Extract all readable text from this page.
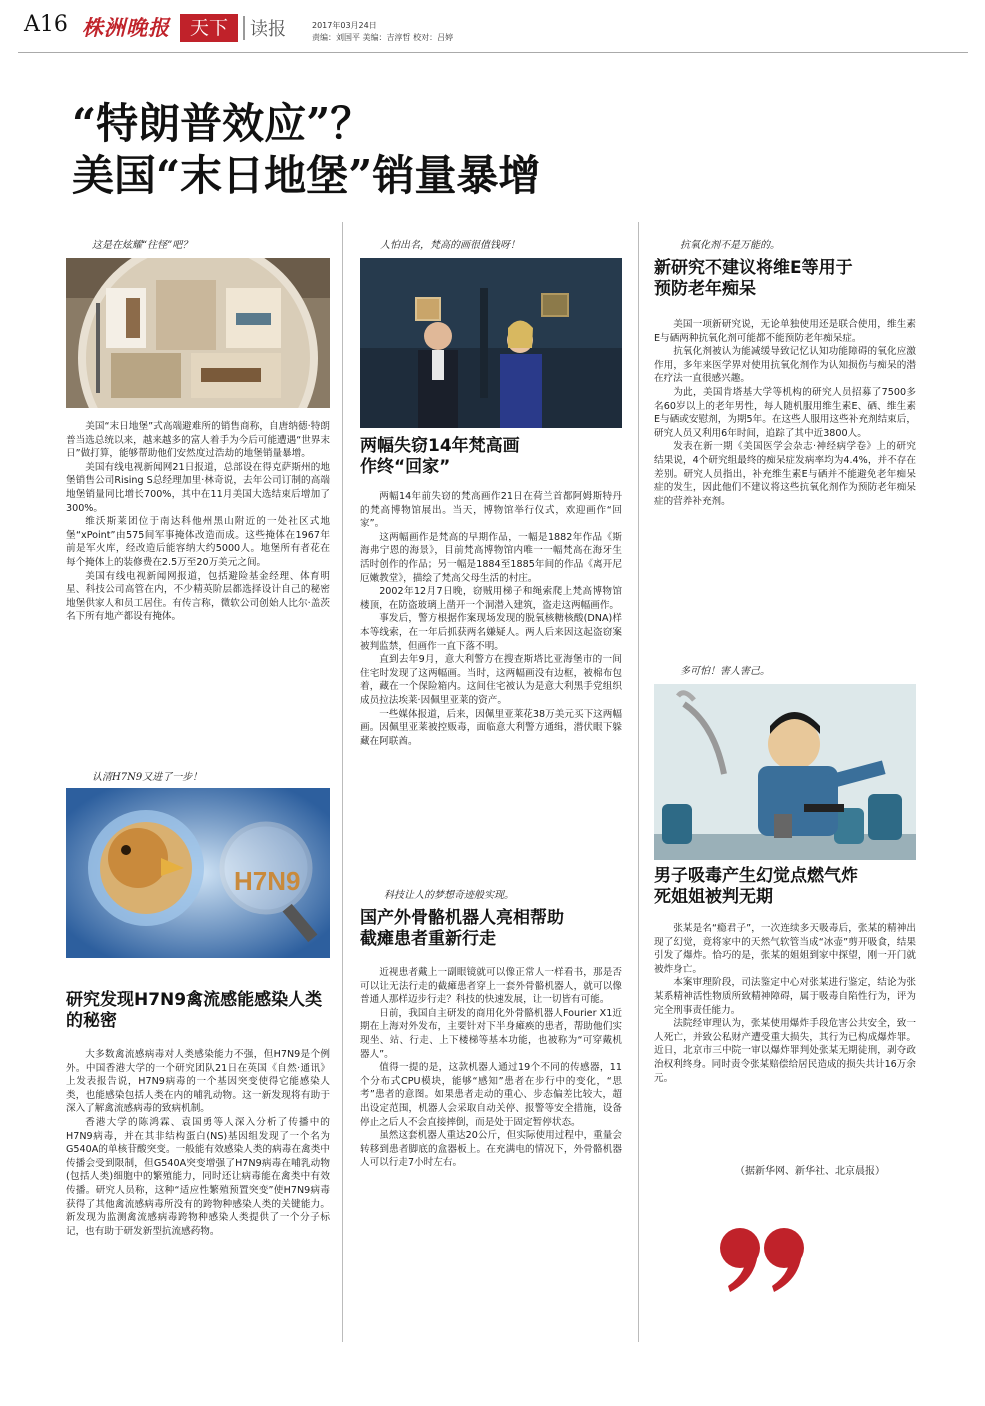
A16 株洲晚报	天下	读报	2017年03月24日
责编：刘国平 美编：吉淳哲 校对：吕婷
“特朗普效应”？
美国“末日地堡”销量暴增
这是在炫耀“往怪”吧？

美国“末日地堡”式高端避难所的销售商称，自唐纳德·特朗普当选总统以来，越来越多的富人着手为今后可能遭遇“世界末日”做打算，能够帮助他们安然度过浩劫的地堡销量暴增。

美国有线电视新闻网21日报道，总部设在得克萨斯州的地堡销售公司Rising S总经理加里·林奇说，去年公司订制的高端地堡销量同比增长700%，其中在11月美国大选结束后增加了300%。

维沃斯莱团位于南达科他州黑山附近的一处社区式地堡“xPoint”由575间军事掩体改造而成。这些掩体在1967年前是军火库，经改造后能容纳大约5000人。地堡所有者花在每个掩体上的装修费在2.5万至20万美元之间。

美国有线电视新闻网报道，包括避险基金经理、体育明星、科技公司高管在内，不少精英阶层都选择设计自己的秘密地堡供家人和员工居住。有传言称，微软公司创始人比尔·盖茨名下所有地产都设有掩体。

认清H7N9又进了一步！
H7N9
研究发现H7N9禽流感能感染人类的秘密

大多数禽流感病毒对人类感染能力不强，但H7N9是个例外。中国香港大学的一个研究团队21日在英国《自然·通讯》上发表报告说，H7N9病毒的一个基因突变使得它能感染人类，也能感染包括人类在内的哺乳动物。这一新发现将有助于深入了解禽流感病毒的致病机制。

香港大学的陈鸿霖、袁国勇等人深入分析了传播中的H7N9病毒，并在其非结构蛋白(NS)基因组发现了一个名为G540A的单核苷酸突变。一般能有效感染人类的病毒在禽类中传播会受到限制，但G540A突变增强了H7N9病毒在哺乳动物(包括人类)细胞中的繁殖能力，同时还让病毒能在禽类中有效传播。研究人员称，这种“适应性繁殖预置突变”使H7N9病毒获得了其他禽流感病毒所没有的跨物种感染人类的关键能力。新发现为监测禽流感病毒跨物种感染人类提供了一个分子标记，也有助于研发新型抗流感药物。

人怕出名，梵高的画很值钱呀！
两幅失窃14年梵高画作终“回家”

两幅14年前失窃的梵高画作21日在荷兰首都阿姆斯特丹的梵高博物馆展出。当天，博物馆举行仪式，欢迎画作“回家”。

这两幅画作是梵高的早期作品，一幅是1882年作品《斯海弗宁恩的海景》，目前梵高博物馆内唯一一幅梵高在海牙生活时创作的作品；另一幅是1884至1885年间的作品《离开尼厄嫩教堂》，描绘了梵高父母生活的村庄。

2002年12月7日晚，窃贼用梯子和绳索爬上梵高博物馆楼顶，在防盗玻璃上凿开一个洞潜入建筑，盗走这两幅画作。

事发后，警方根据作案现场发现的脱氧核糖核酸(DNA)样本等线索，在一年后抓获两名嫌疑人。两人后来因这起盗窃案被判监禁，但画作一直下落不明。

直到去年9月，意大利警方在搜查斯塔比亚海堡市的一间住宅时发现了这两幅画。当时，这两幅画没有边框，被棉布包着，藏在一个保险箱内。这间住宅被认为是意大利黑手党组织成员拉法埃莱·因佩里亚莱的资产。

一些媒体报道，后来，因佩里亚莱花38万美元买下这两幅画。因佩里亚莱被控贩毒，面临意大利警方通缉，潜伏眼下躲藏在阿联酋。

科技让人的梦想奇迹般实现。
国产外骨骼机器人亮相帮助截瘫患者重新行走

近视患者戴上一副眼镜就可以像正常人一样看书，那是否可以让无法行走的截瘫患者穿上一套外骨骼机器人，就可以像普通人那样迈步行走？科技的快速发展，让一切皆有可能。

日前，我国自主研发的商用化外骨骼机器人Fourier X1近期在上海对外发布，主要针对下半身瘫痪的患者，帮助他们实现坐、站、行走、上下楼梯等基本功能，也被称为“可穿戴机器人”。

值得一提的是，这款机器人通过19个不同的传感器，11个分布式CPU模块，能够“感知”患者在步行中的变化，“思考”患者的意图。如果患者走动的重心、步态偏差比较大，超出设定范围，机器人会采取自动关停、报警等安全措施，设备停止之后人不会直接摔倒，而是处于固定暂停状态。

虽然这套机器人重达20公斤，但实际使用过程中，重量会转移到患者脚底的盒器板上。在充满电的情况下，外骨骼机器人可以行走7小时左右。

抗氧化剂不是万能的。
新研究不建议将维E等用于预防老年痴呆

美国一项新研究说，无论单独使用还是联合使用，维生素E与硒两种抗氧化剂可能都不能预防老年痴呆症。

抗氧化剂被认为能减缓导致记忆认知功能障碍的氧化应激作用，多年来医学界对使用抗氧化剂作为认知损伤与痴呆的潜在疗法一直很感兴趣。

为此，美国肯塔基大学等机构的研究人员招募了7500多名60岁以上的老年男性，每人随机服用维生素E、硒、维生素E与硒或安慰剂，为期5年。在这些人服用这些补充剂结束后，研究人员又利用6年时间，追踪了其中近3800人。

发表在新一期《美国医学会杂志·神经病学卷》上的研究结果说，4个研究组最终的痴呆症发病率均为4.4%，并不存在差别。研究人员指出，补充维生素E与硒并不能避免老年痴呆症的发生，因此他们不建议将这些抗氧化剂作为预防老年痴呆症的营养补充剂。

多可怕！害人害己。
男子吸毒产生幻觉点燃气炸死姐姐被判无期

张某是名“瘾君子”，一次连续多天吸毒后，张某的精神出现了幻觉，竟将家中的天然气软管当成“冰壶”剪开吸食，结果引发了爆炸。恰巧的是，张某的姐姐到家中探望，刚一开门就被炸身亡。

本案审理阶段，司法鉴定中心对张某进行鉴定，结论为张某系精神活性物质所致精神障碍，属于吸毒自陷性行为，评为完全刑事责任能力。

法院经审理认为，张某使用爆炸手段危害公共安全，致一人死亡，并致公私财产遭受重大损失，其行为已构成爆炸罪。近日，北京市三中院一审以爆炸罪判处张某无期徒刑，剥夺政治权利终身。同时责令张某赔偿给居民造成的损失共计16万余元。

（据新华网、新华社、北京晨报）
